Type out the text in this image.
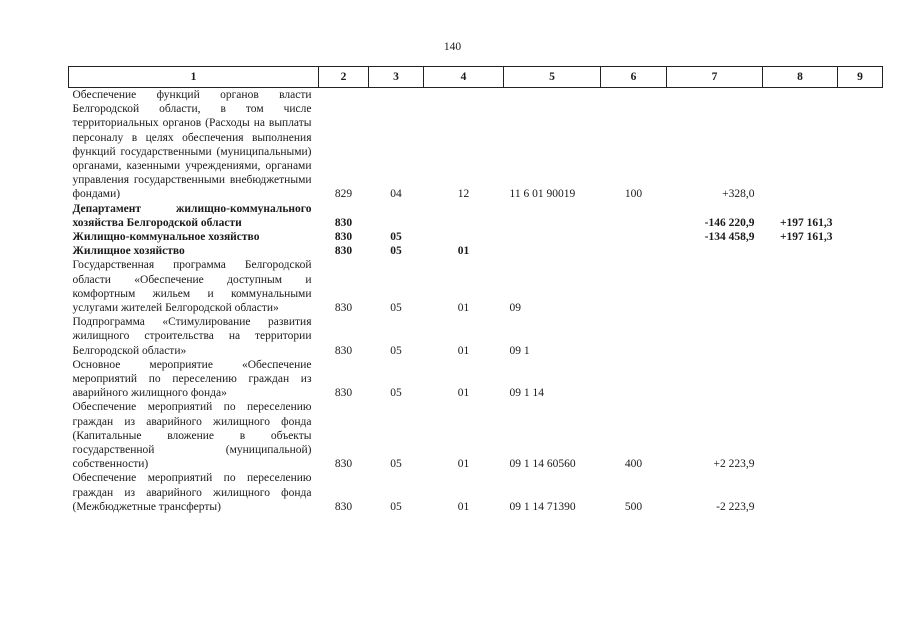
140
1	2	3	4	5	6	7	8	9
Обеспечение функций органов власти Белгородской области, в том числе территориальных органов (Расходы на выплаты персоналу в целях обеспечения выполнения функций государственными (муниципальными) органами, казенными учреждениями, органами управления государственными внебюджетными фондами)	829	04	12	11 6 01 90019	100	+328,0		
Департамент жилищно-коммунального хозяйства Белгородской области	830					-146 220,9	+197 161,3	
Жилищно-коммунальное хозяйство	830	05				-134 458,9	+197 161,3	
Жилищное хозяйство	830	05	01					
Государственная программа Белгородской области «Обеспечение доступным и комфортным жильем и коммунальными услугами жителей Белгородской области»	830	05	01	09				
Подпрограмма «Стимулирование развития жилищного строительства на территории Белгородской области»	830	05	01	09 1				
Основное мероприятие «Обеспечение мероприятий по переселению граждан из аварийного жилищного фонда»	830	05	01	09 1 14				
Обеспечение мероприятий по переселению граждан из аварийного жилищного фонда (Капитальные вложение в объекты государственной (муниципальной) собственности)	830	05	01	09 1 14 60560	400	+2 223,9		
Обеспечение мероприятий по переселению граждан из аварийного жилищного фонда (Межбюджетные трансферты)	830	05	01	09 1 14 71390	500	-2 223,9		
